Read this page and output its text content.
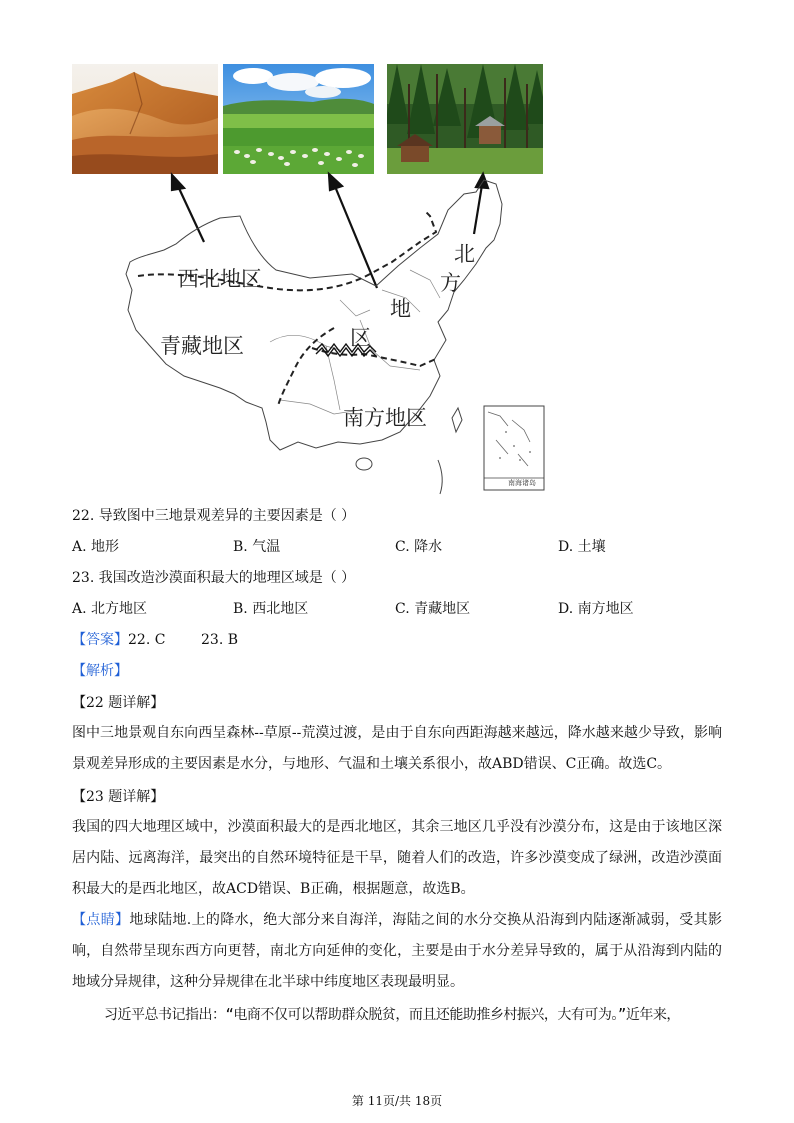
西北地区
青藏地区
北
方
地
区
南方地区
南海诸岛
22. 导致图中三地景观差异的主要因素是（ ）
A. 地形	B. 气温	C. 降水	D. 土壤
23. 我国改造沙漠面积最大的地理区域是（ ）
A. 北方地区	B. 西北地区	C. 青藏地区	D. 南方地区
【答案】22. C        23. B
【解析】
【22 题详解】
图中三地景观自东向西呈森林--草原--荒漠过渡，是由于自东向西距海越来越远，降水越来越少导致，影响景观差异形成的主要因素是水分，与地形、气温和土壤关系很小，故ABD错误、C正确。故选C。
【23 题详解】
我国的四大地理区域中，沙漠面积最大的是西北地区，其余三地区几乎没有沙漠分布，这是由于该地区深居内陆、远离海洋，最突出的自然环境特征是干旱，随着人们的改造，许多沙漠变成了绿洲，改造沙漠面积最大的是西北地区，故ACD错误、B正确，根据题意，故选B。
【点睛】地球陆地.上的降水，绝大部分来自海洋，海陆之间的水分交换从沿海到内陆逐渐减弱，受其影响，自然带呈现东西方向更替，南北方向延伸的变化，主要是由于水分差异导致的，属于从沿海到内陆的地域分异规律，这种分异规律在北半球中纬度地区表现最明显。
习近平总书记指出：“电商不仅可以帮助群众脱贫，而且还能助推乡村振兴，大有可为。”近年来，
第 11页/共 18页
